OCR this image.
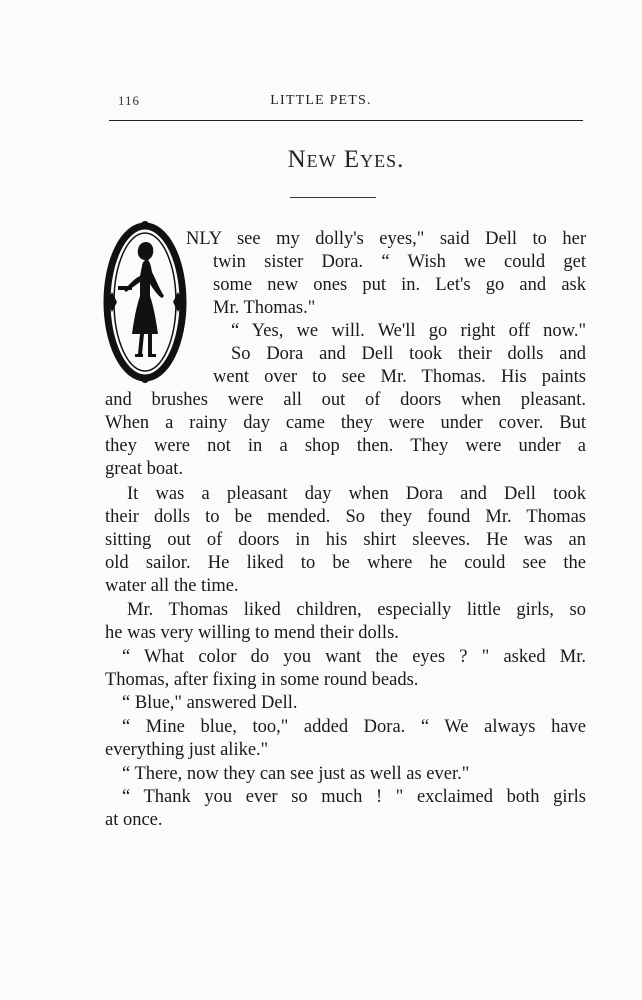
116	LITTLE PETS.
New Eyes.
NLY see my dolly's eyes," said Dell to her
twin sister Dora. “ Wish we could get
some new ones put in. Let's go and ask
Mr. Thomas."
“ Yes, we will. We'll go right off now."
So Dora and Dell took their dolls and
went over to see Mr. Thomas. His paints
and brushes were all out of doors when pleasant.
When a rainy day came they were under cover. But
they were not in a shop then. They were under a
great boat.
It was a pleasant day when Dora and Dell took
their dolls to be mended. So they found Mr. Thomas
sitting out of doors in his shirt sleeves. He was an
old sailor. He liked to be where he could see the
water all the time.
Mr. Thomas liked children, especially little girls, so
he was very willing to mend their dolls.
“ What color do you want the eyes ? " asked Mr.
Thomas, after fixing in some round beads.
“ Blue," answered Dell.
“ Mine blue, too," added Dora. “ We always have
everything just alike."
“ There, now they can see just as well as ever."
“ Thank you ever so much ! " exclaimed both girls
at once.
